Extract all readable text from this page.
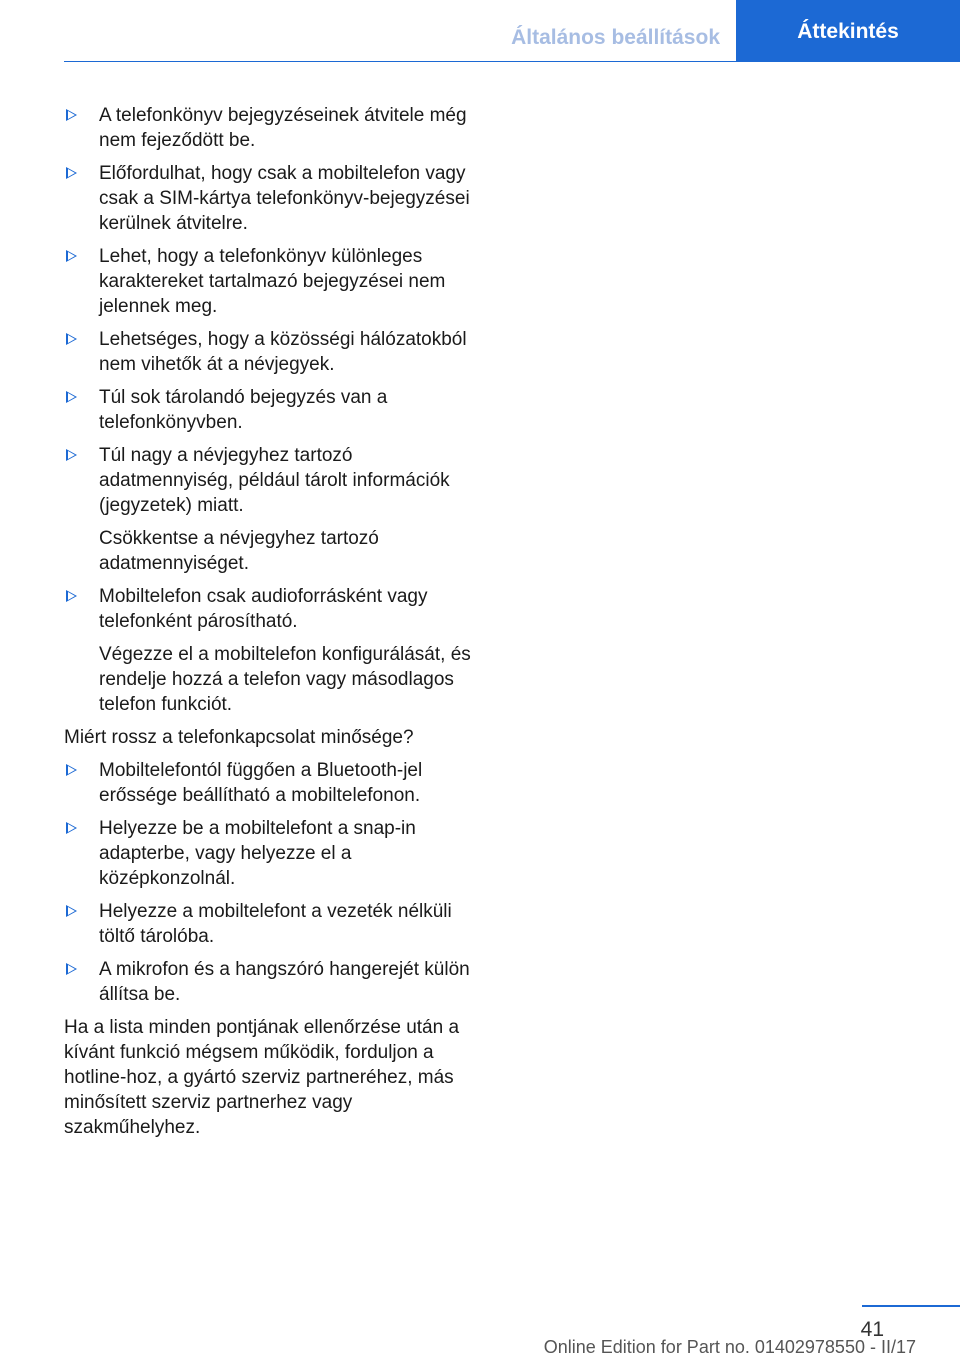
Általános beállítások	Áttekintés

A telefonkönyv bejegyzéseinek átvitele még nem fejeződött be.

Előfordulhat, hogy csak a mobiltelefon vagy csak a SIM-kártya telefonkönyv-bejegyzései kerülnek átvitelre.

Lehet, hogy a telefonkönyv különleges karaktereket tartalmazó bejegyzései nem jelennek meg.

Lehetséges, hogy a közösségi hálózatokból nem vihetők át a névjegyek.

Túl sok tárolandó bejegyzés van a telefonkönyvben.

Túl nagy a névjegyhez tartozó adatmennyiség, például tárolt információk (jegyzetek) miatt.

Csökkentse a névjegyhez tartozó adatmennyiséget.

Mobiltelefon csak audioforrásként vagy telefonként párosítható.

Végezze el a mobiltelefon konfigurálását, és rendelje hozzá a telefon vagy másodlagos telefon funkciót.

Miért rossz a telefonkapcsolat minősége?

Mobiltelefontól függően a Bluetooth-jel erőssége beállítható a mobiltelefonon.

Helyezze be a mobiltelefont a snap-in adapterbe, vagy helyezze el a középkonzolnál.

Helyezze a mobiltelefont a vezeték nélküli töltő tárolóba.

A mikrofon és a hangszóró hangerejét külön állítsa be.

Ha a lista minden pontjának ellenőrzése után a kívánt funkció mégsem működik, forduljon a hotline-hoz, a gyártó szerviz partneréhez, más minősített szerviz partnerhez vagy szakműhelyhez.

41
Online Edition for Part no. 01402978550 - II/17
